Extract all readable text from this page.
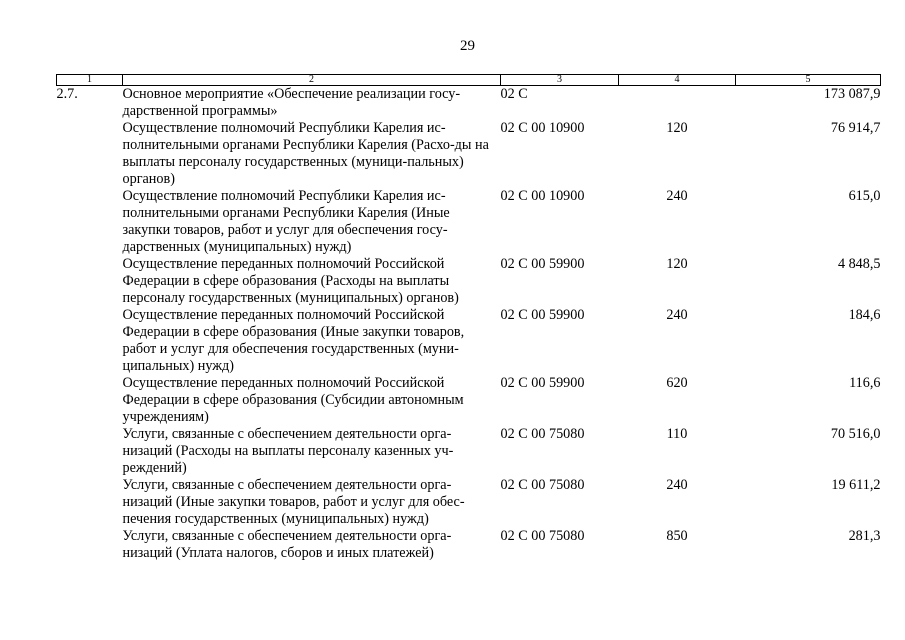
29
1	2	3	4	5
2.7.	Основное мероприятие «Обеспечение реализации госу-дарственной программы»	02 С		173 087,9
	Осуществление полномочий Республики Карелия ис-полнительными органами Республики Карелия (Расхо-ды на выплаты персоналу государственных (муници-пальных) органов)	02 С 00 10900	120	76 914,7
	Осуществление полномочий Республики Карелия ис-полнительными органами Республики Карелия (Иные закупки товаров, работ и услуг для обеспечения госу-дарственных (муниципальных) нужд)	02 С 00 10900	240	615,0
	Осуществление переданных полномочий Российской Федерации в сфере образования (Расходы на выплаты персоналу государственных (муниципальных) органов)	02 С 00 59900	120	4 848,5
	Осуществление переданных полномочий Российской Федерации в сфере образования (Иные закупки товаров, работ и услуг для обеспечения государственных (муни-ципальных) нужд)	02 С 00 59900	240	184,6
	Осуществление переданных полномочий Российской Федерации в сфере образования (Субсидии автономным учреждениям)	02 С 00 59900	620	116,6
	Услуги, связанные с обеспечением деятельности орга-низаций (Расходы на выплаты персоналу казенных уч-реждений)	02 С 00 75080	110	70 516,0
	Услуги, связанные с обеспечением деятельности орга-низаций (Иные закупки товаров, работ и услуг для обес-печения государственных (муниципальных) нужд)	02 С 00 75080	240	19 611,2
	Услуги, связанные с обеспечением деятельности орга-низаций (Уплата налогов, сборов и иных платежей)	02 С 00 75080	850	281,3
